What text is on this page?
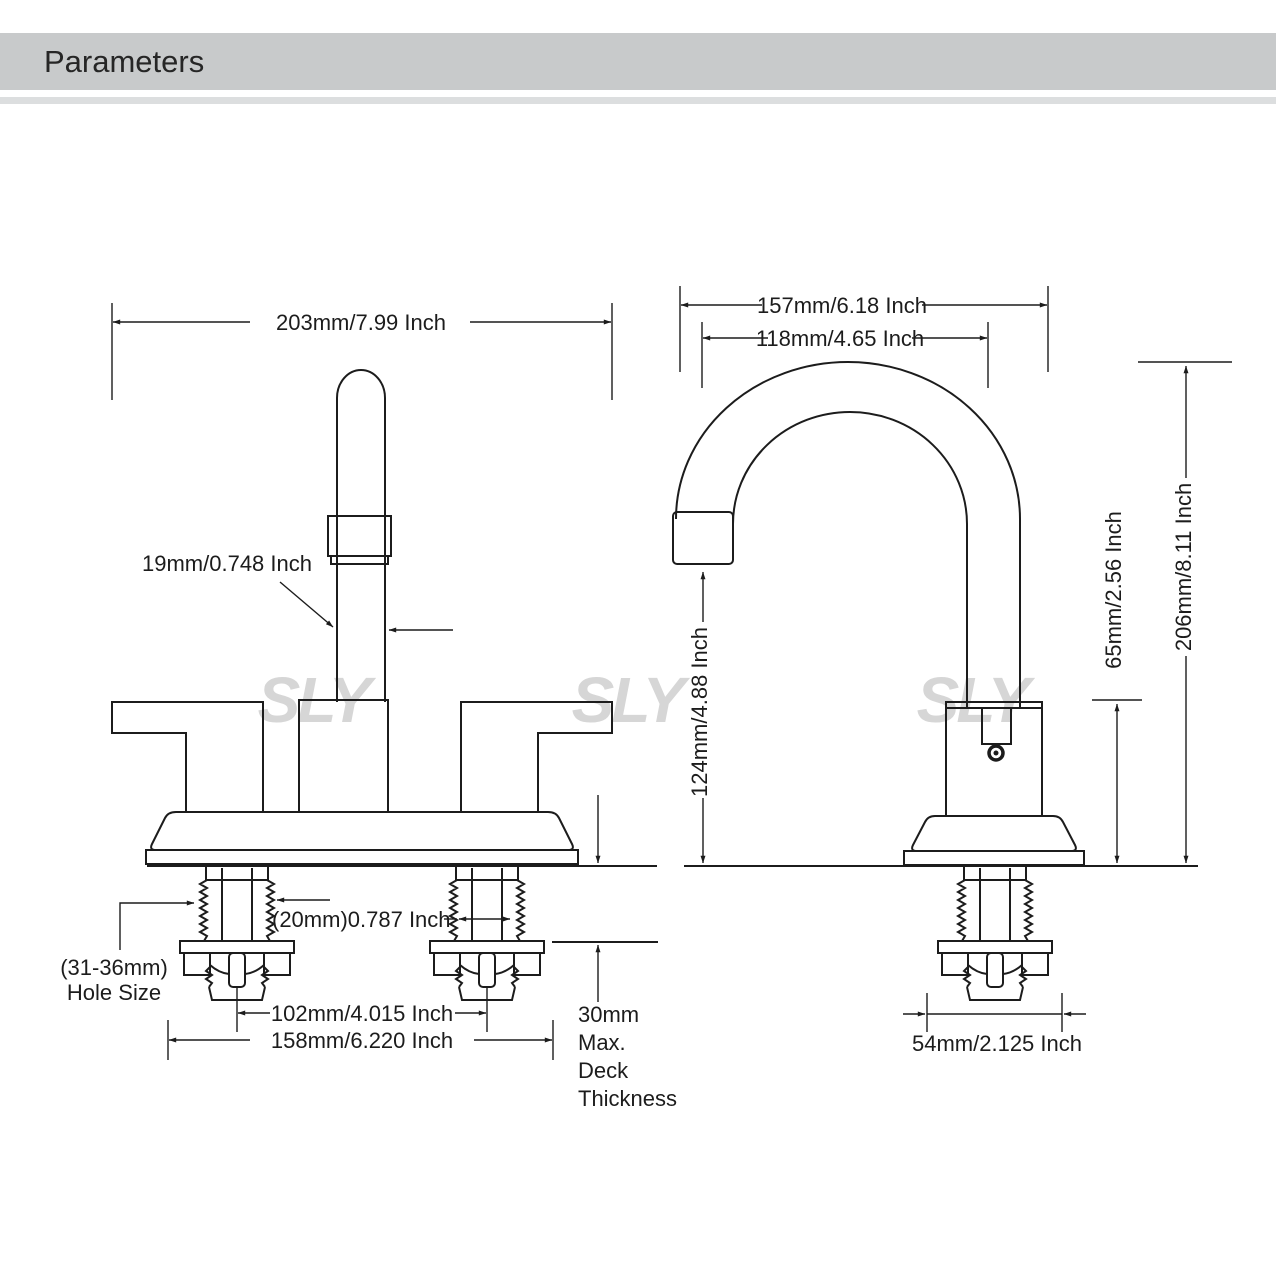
Parameters
SLY	SLY	SLY
203mm/7.99 Inch
19mm/0.748 Inch
30mm
Max.
Deck
Thickness
(31-36mm)
Hole Size
(20mm)0.787 Inch
102mm/4.015 Inch
158mm/6.220 Inch
157mm/6.18 Inch
118mm/4.65 Inch
124mm/4.88 Inch
65mm/2.56 Inch 206mm/8.11 Inch
54mm/2.125 Inch
